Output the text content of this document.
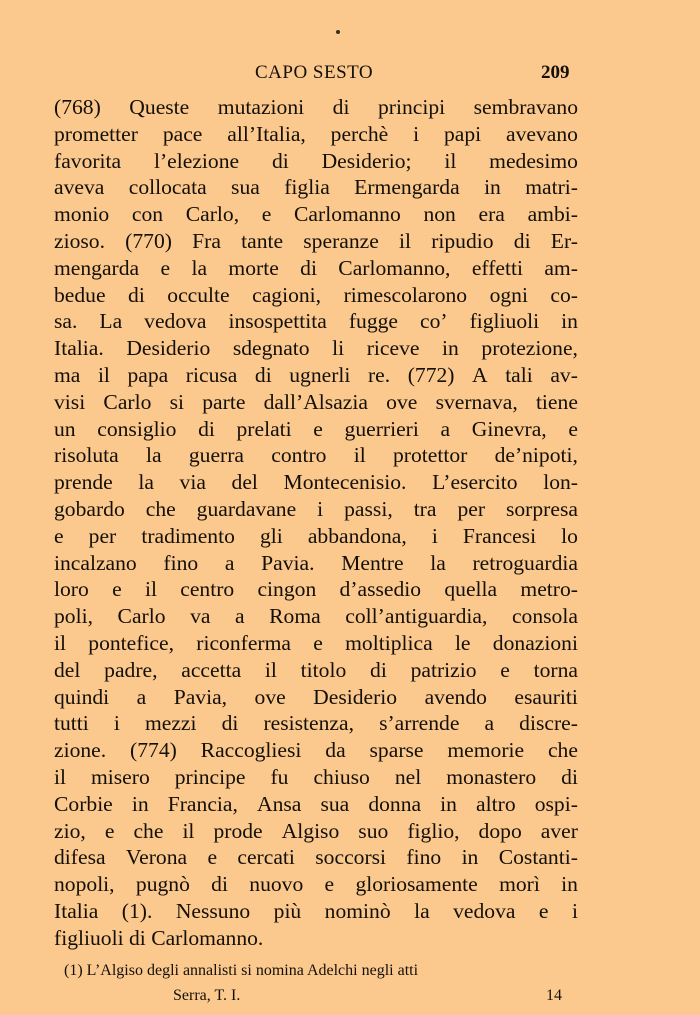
CAPO SESTO	209
(768) Queste mutazioni di principi sembravano
prometter pace all’Italia, perchè i papi avevano
favorita l’elezione di Desiderio; il medesimo
aveva collocata sua figlia Ermengarda in matri-
monio con Carlo, e Carlomanno non era ambi-
zioso. (770) Fra tante speranze il ripudio di Er-
mengarda e la morte di Carlomanno, effetti am-
bedue di occulte cagioni, rimescolarono ogni co-
sa. La vedova insospettita fugge co’ figliuoli in
Italia. Desiderio sdegnato li riceve in protezione,
ma il papa ricusa di ugnerli re. (772) A tali av-
visi Carlo si parte dall’Alsazia ove svernava, tiene
un consiglio di prelati e guerrieri a Ginevra, e
risoluta la guerra contro il protettor de’nipoti,
prende la via del Montecenisio. L’esercito lon-
gobardo che guardavane i passi, tra per sorpresa
e per tradimento gli abbandona, i Francesi lo
incalzano fino a Pavia. Mentre la retroguardia
loro e il centro cingon d’assedio quella metro-
poli, Carlo va a Roma coll’antiguardia, consola
il pontefice, riconferma e moltiplica le donazioni
del padre, accetta il titolo di patrizio e torna
quindi a Pavia, ove Desiderio avendo esauriti
tutti i mezzi di resistenza, s’arrende a discre-
zione. (774) Raccogliesi da sparse memorie che
il misero principe fu chiuso nel monastero di
Corbie in Francia, Ansa sua donna in altro ospi-
zio, e che il prode Algiso suo figlio, dopo aver
difesa Verona e cercati soccorsi fino in Costanti-
nopoli, pugnò di nuovo e gloriosamente morì in
Italia (1). Nessuno più nominò la vedova e i
figliuoli di Carlomanno.
(1) L’Algiso degli annalisti si nomina Adelchi negli atti
Serra, T. I.	14
